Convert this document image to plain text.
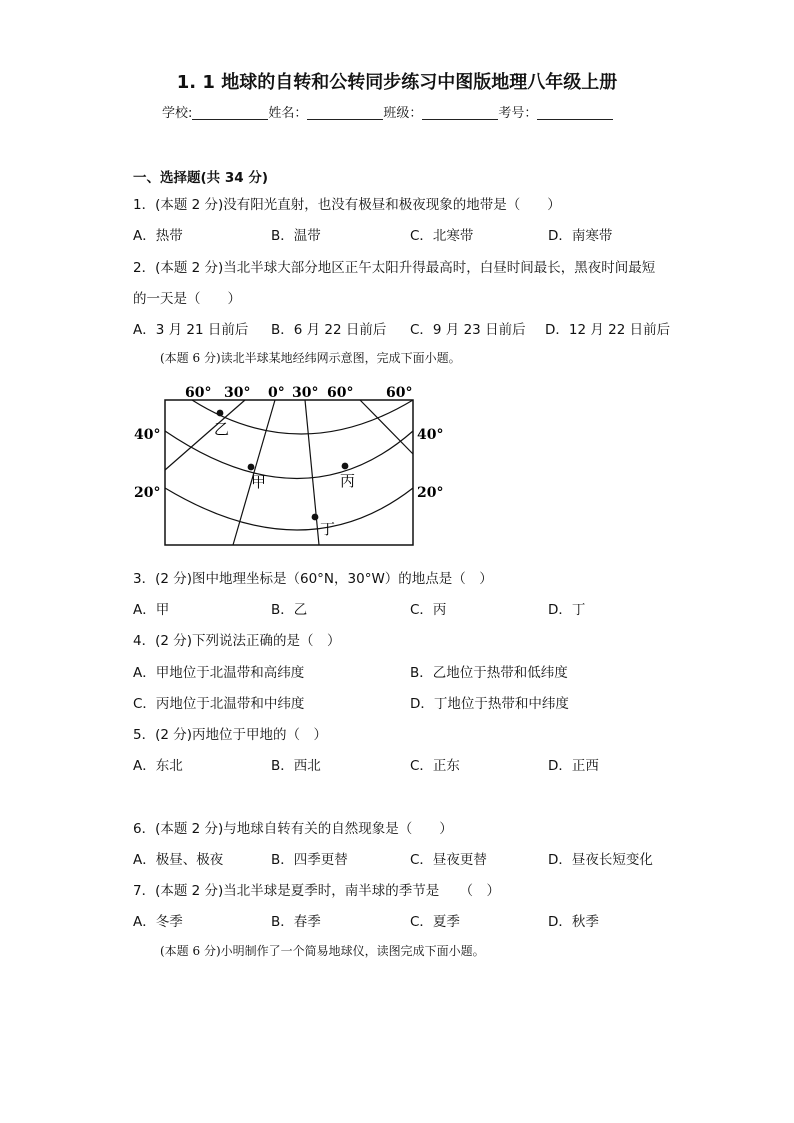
1. 1 地球的自转和公转同步练习中图版地理八年级上册
学校:	姓名：	班级：	考号：
一、选择题(共 34 分)
1．(本题 2 分)没有阳光直射，也没有极昼和极夜现象的地带是（　　）
A．热带	B．温带	C．北寒带	D．南寒带
2．(本题 2 分)当北半球大部分地区正午太阳升得最高时，白昼时间最长，黑夜时间最短
的一天是（　　）
A．3 月 21 日前后 B．6 月 22 日前后 C．9 月 23 日前后 D．12 月 22 日前后
(本题 6 分)读北半球某地经纬网示意图，完成下面小题。
60° 30° 0° 30° 60° 60°
40°
20°
40°
20°
乙
甲	丙
丁
3．(2 分)图中地理坐标是（60°N，30°W）的地点是（　）
A．甲	B．乙	C．丙	D．丁
4．(2 分)下列说法正确的是（　）
A．甲地位于北温带和高纬度	B．乙地位于热带和低纬度
C．丙地位于北温带和中纬度	D．丁地位于热带和中纬度
5．(2 分)丙地位于甲地的（　）
A．东北	B．西北	C．正东	D．正西
6．(本题 2 分)与地球自转有关的自然现象是（　　）
A．极昼、极夜	B．四季更替	C．昼夜更替	D．昼夜长短变化
7．(本题 2 分)当北半球是夏季时，南半球的季节是　　（　）
A．冬季	B．春季	C．夏季	D．秋季
(本题 6 分)小明制作了一个简易地球仪，读图完成下面小题。
